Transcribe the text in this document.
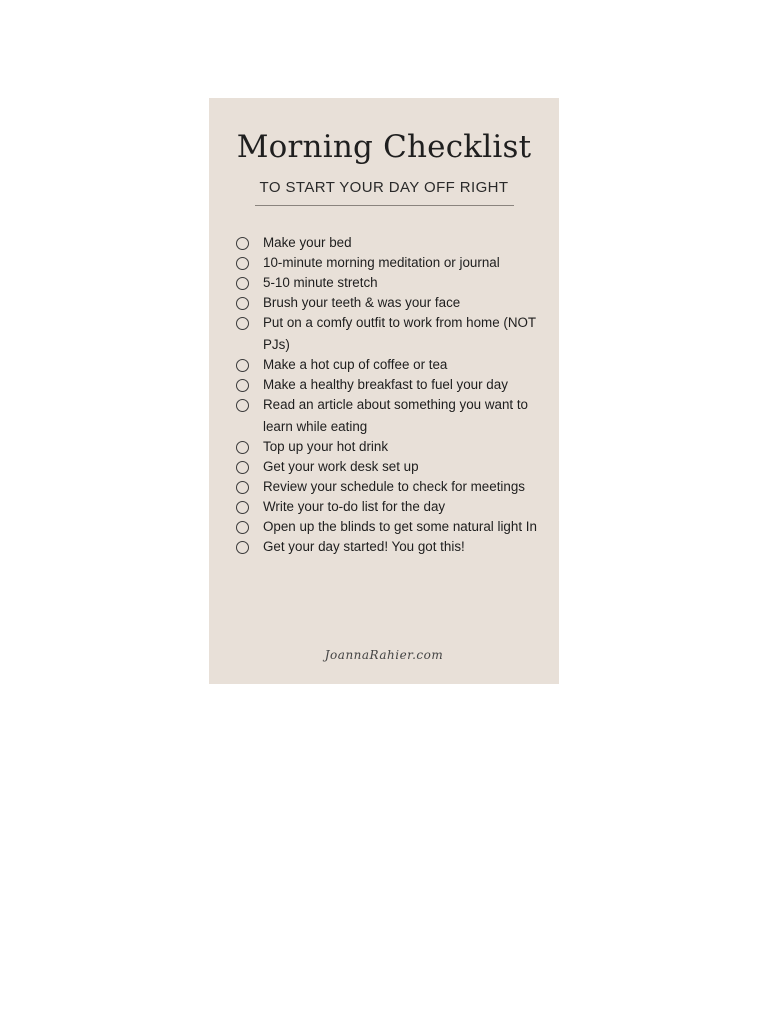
Morning Checklist
TO START YOUR DAY OFF RIGHT
Make your bed
10-minute morning meditation or journal
5-10 minute stretch
Brush your teeth & was your face
Put on a comfy outfit to work from home (NOT PJs)
Make a hot cup of coffee or tea
Make a healthy breakfast to fuel your day
Read an article about something you want to learn while eating
Top up your hot drink
Get your work desk set up
Review your schedule to check for meetings
Write your to-do list for the day
Open up the blinds to get some natural light In
Get your day started! You got this!
JoannaRahier.com
